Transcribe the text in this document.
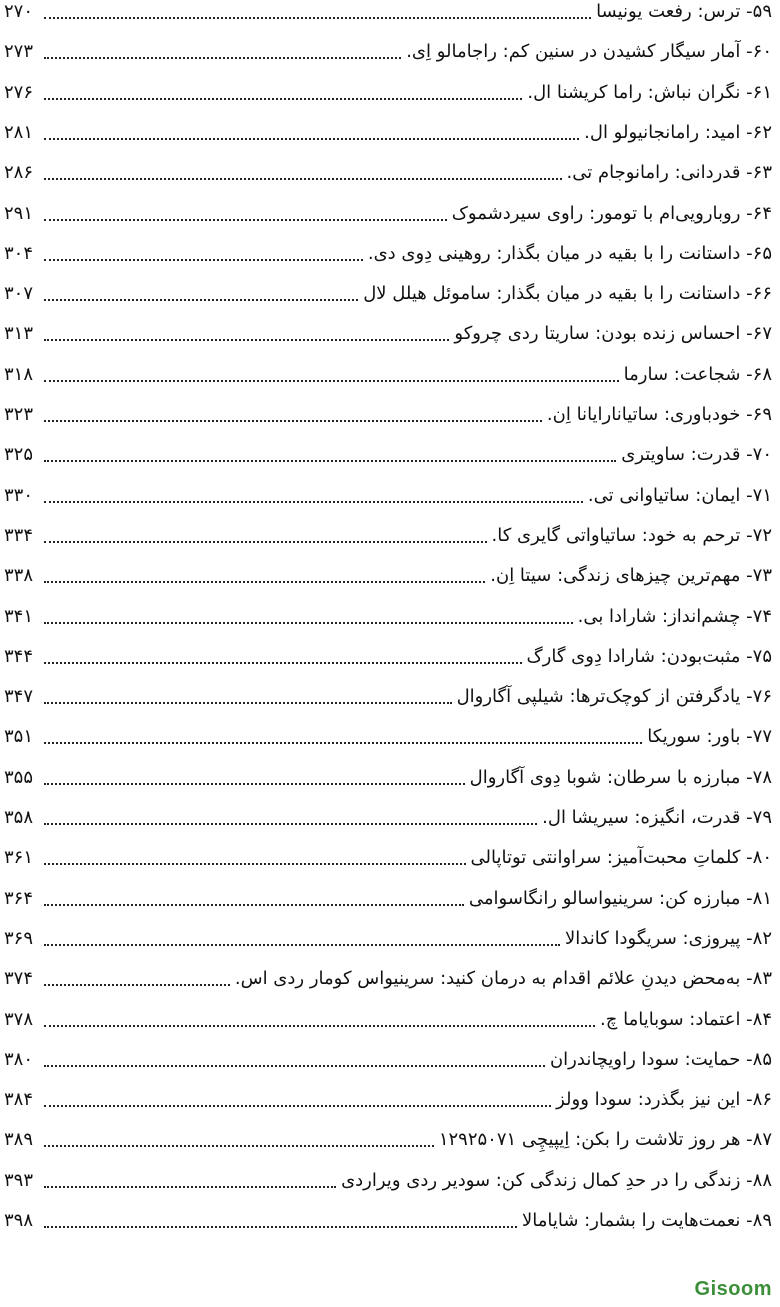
۵۹- ترس: رفعت یونیسا
۲۷۰
۶۰- آمار سیگار کشیدن در سنین کم: راجامالو اِی.
۲۷۳
۶۱- نگران نباش: راما کریشنا ال.
۲۷۶
۶۲- امید: رامانجانیولو ال.
۲۸۱
۶۳- قدردانی: رامانوجام تی.
۲۸۶
۶۴- روبارویی‌ام با تومور: راوی سیردشموک
۲۹۱
۶۵- داستانت را با بقیه در میان بگذار: روهینی دِوی دی.
۳۰۴
۶۶- داستانت را با بقیه در میان بگذار: ساموئل هیلل لال
۳۰۷
۶۷- احساس زنده بودن: ساریتا ردی چروکو
۳۱۳
۶۸- شجاعت: سارما
۳۱۸
۶۹- خودباوری: ساتیانارایانا اِن.
۳۲۳
۷۰- قدرت: ساویتری
۳۲۵
۷۱- ایمان: ساتیاوانی تی.
۳۳۰
۷۲- ترحم به خود: ساتیاواتی گایری کا.
۳۳۴
۷۳- مهم‌ترین چیزهای زندگی: سیتا اِن.
۳۳۸
۷۴- چشم‌انداز: شارادا بی.
۳۴۱
۷۵- مثبت‌بودن: شارادا دِوی گارگ
۳۴۴
۷۶- یادگرفتن از کوچک‌ترها: شیلپی آگاروال
۳۴۷
۷۷- باور: سوریکا
۳۵۱
۷۸- مبارزه با سرطان: شوبا دِوی آگاروال
۳۵۵
۷۹- قدرت، انگیزه: سیریشا ال.
۳۵۸
۸۰- کلماتِ محبت‌آمیز: سراوانتی توتاپالی
۳۶۱
۸۱- مبارزه کن: سرینیواسالو رانگاسوامی
۳۶۴
۸۲- پیروزی: سریگودا کاندالا
۳۶۹
۸۳- به‌محض دیدنِ علائم اقدام به درمان کنید: سرینیواس کومار ردی اس.
۳۷۴
۸۴- اعتماد: سوبایاما چ.
۳۷۸
۸۵- حمایت: سودا راویچاندران
۳۸۰
۸۶- این نیز بگذرد: سودا وولز
۳۸۴
۸۷- هر روز تلاشت را بکن: اِیپیچِی ۱۲۹۲۵۰۷۱
۳۸۹
۸۸- زندگی را در حدِ کمال زندگی کن: سودیر ردی ویراردی
۳۹۳
۸۹- نعمت‌هایت را بشمار: شایامالا
۳۹۸
Gisoom
